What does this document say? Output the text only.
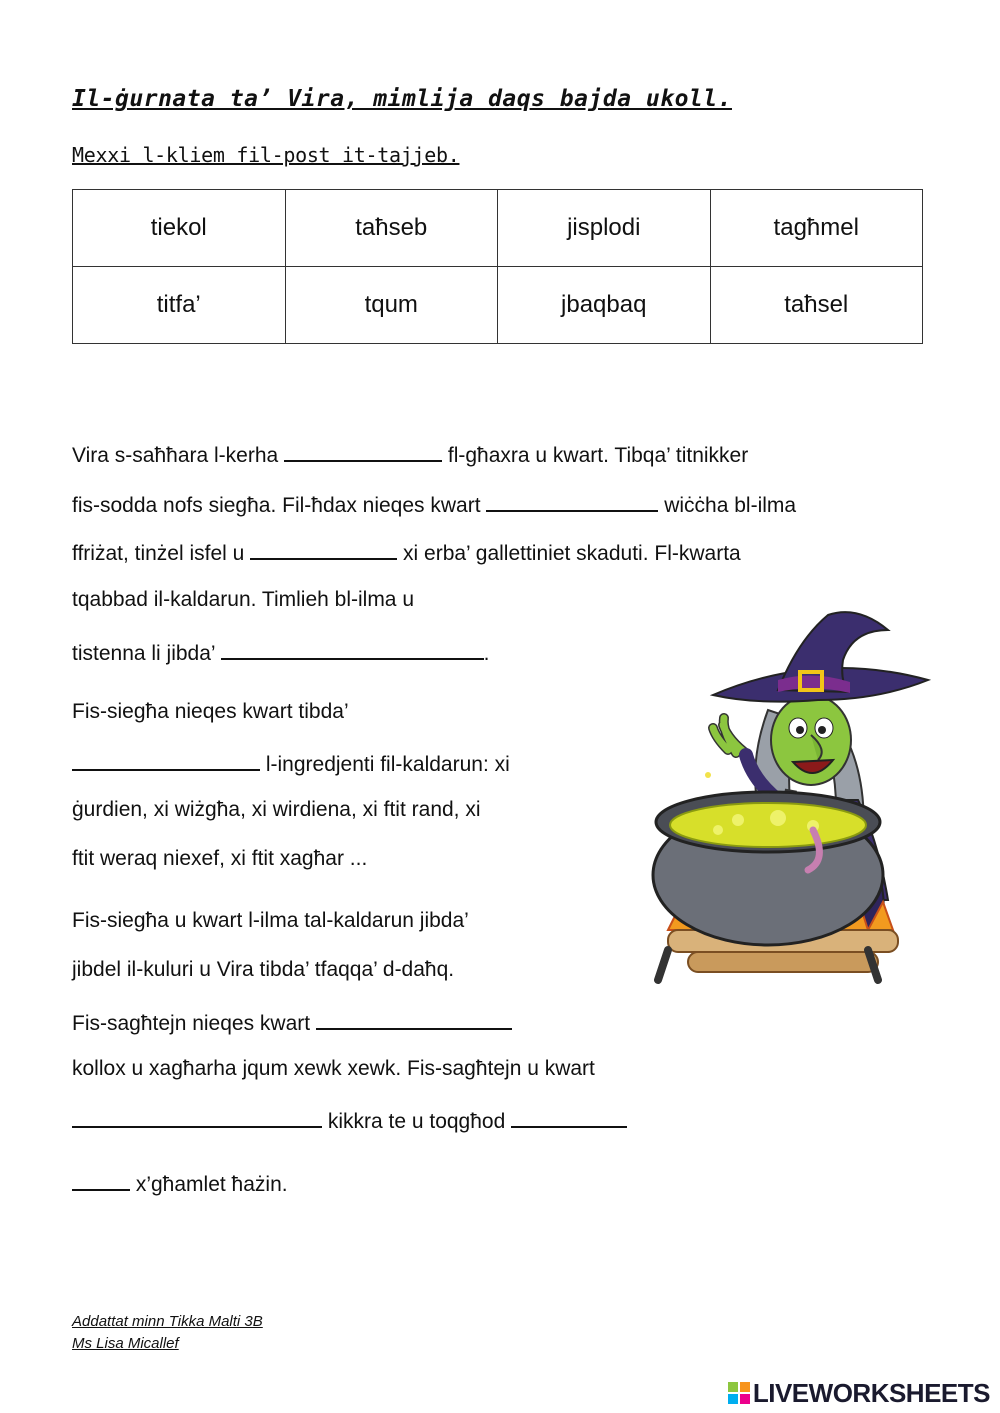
Il-ġurnata ta’ Vira, mimlija daqs bajda ukoll.
Mexxi l-kliem fil-post it-tajjeb.
tiekol	taħseb	jisplodi	tagħmel
titfa’	tqum	jbaqbaq	taħsel
Vira s-saħħara l-kerha	fl-għaxra u kwart. Tibqa’ titnikker
fis-sodda nofs siegħa. Fil-ħdax nieqes kwart	wiċċha bl-ilma
ffriżat, tinżel isfel u	xi erba’ gallettiniet skaduti. Fl-kwarta
tqabbad il-kaldarun. Timlieh bl-ilma u
tistenna li jibda’	.
Fis-siegħa nieqes kwart tibda’
l-ingredjenti fil-kaldarun: xi
ġurdien, xi wiżgħa, xi wirdiena, xi ftit rand, xi
ftit weraq niexef, xi ftit xagħar ...
Fis-siegħa u kwart l-ilma tal-kaldarun jibda’
jibdel il-kuluri u Vira tibda’ tfaqqa’ d-daħq.
Fis-sagħtejn nieqes kwart
kollox u xagħarha jqum xewk xewk. Fis-sagħtejn u kwart
kikkra te u toqgħod
x’għamlet ħażin.
Addattat minn Tikka Malti 3B
Ms Lisa Micallef
LIVEWORKSHEETS
